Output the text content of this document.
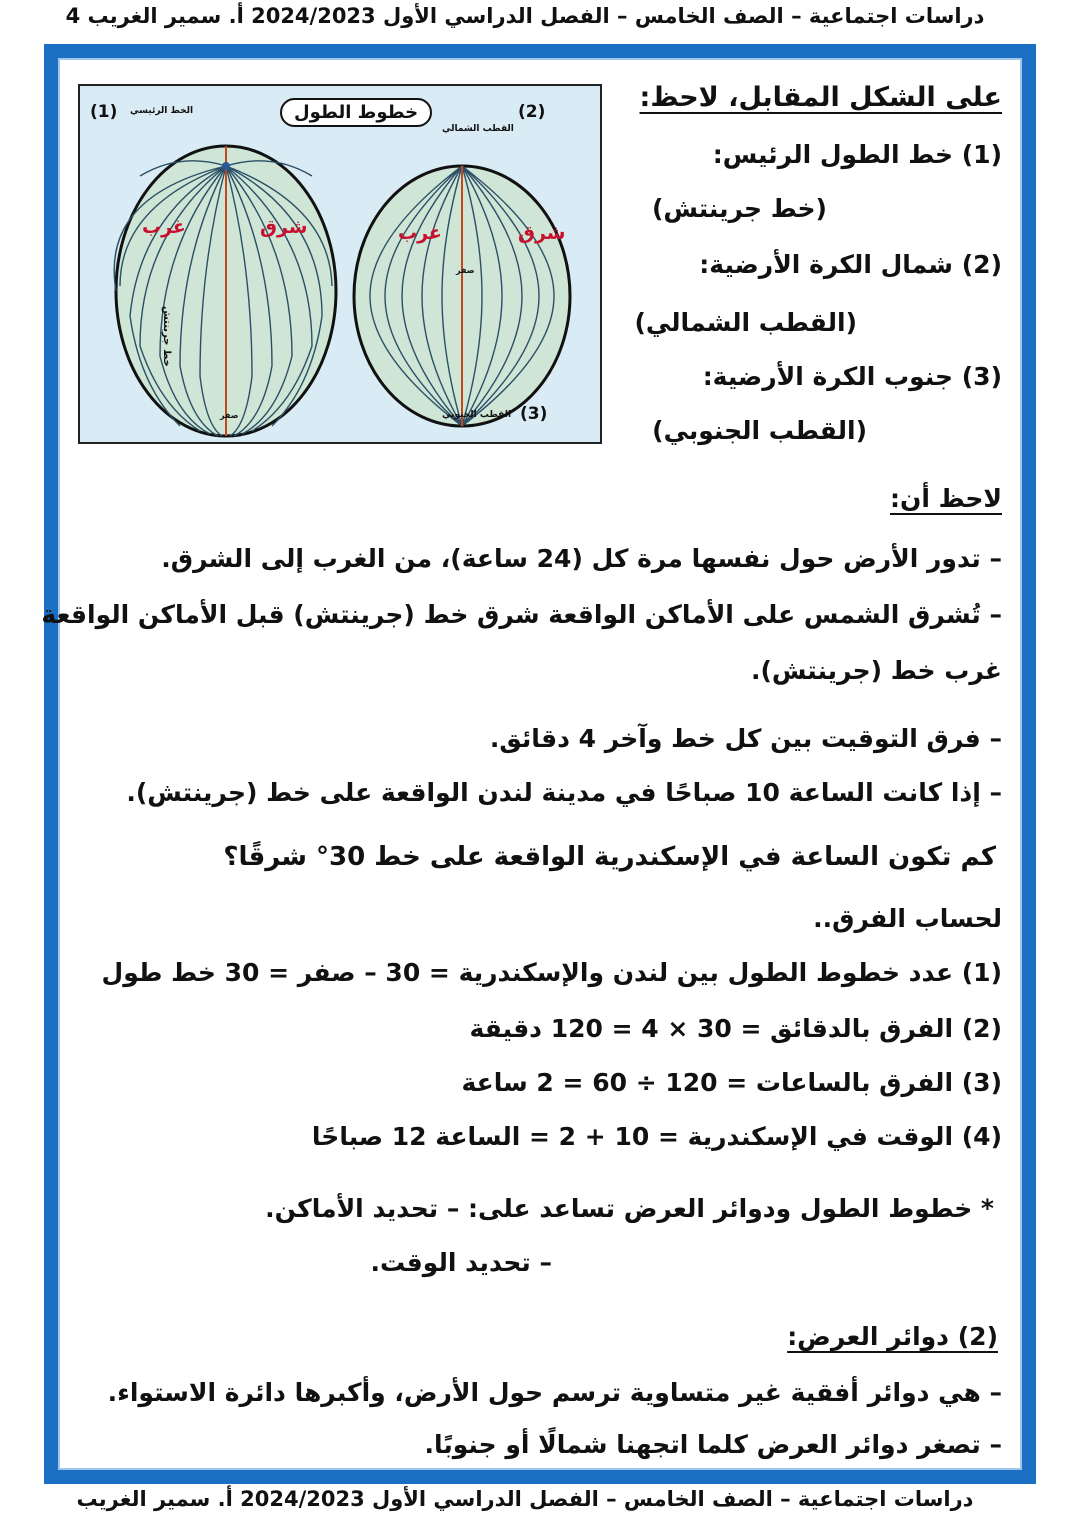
دراسات اجتماعية – الصف الخامس – الفصل الدراسي الأول 2024/2023 أ. سمير الغريب 4
(1) الخط الرئيسي	خطوط الطول	(2)
القطب الشمالي
(3)
القطب الجنوبي
غرب	شرق	غرب	شرق
خط جرينتش
صفر
صفر
على الشكل المقابل، لاحظ:
(1) خط الطول الرئيس:
(خط جرينتش)
(2) شمال الكرة الأرضية:
(القطب الشمالي)
(3) جنوب الكرة الأرضية:
(القطب الجنوبي)
لاحظ أن:
– تدور الأرض حول نفسها مرة كل (24 ساعة)، من الغرب إلى الشرق.
– تُشرق الشمس على الأماكن الواقعة شرق خط (جرينتش) قبل الأماكن الواقعة
غرب خط (جرينتش).
– فرق التوقيت بين كل خط وآخر 4 دقائق.
– إذا كانت الساعة 10 صباحًا في مدينة لندن الواقعة على خط (جرينتش).
كم تكون الساعة في الإسكندرية الواقعة على خط 30° شرقًا؟
لحساب الفرق..
(1) عدد خطوط الطول بين لندن والإسكندرية = 30 – صفر = 30 خط طول
(2) الفرق بالدقائق = 30 × 4 = 120 دقيقة
(3) الفرق بالساعات = 120 ÷ 60 = 2 ساعة
(4) الوقت في الإسكندرية = 10 + 2 = الساعة 12 صباحًا
* خطوط الطول ودوائر العرض تساعد على: – تحديد الأماكن.
– تحديد الوقت.
(2) دوائر العرض:
– هي دوائر أفقية غير متساوية ترسم حول الأرض، وأكبرها دائرة الاستواء.
– تصغر دوائر العرض كلما اتجهنا شمالًا أو جنوبًا.
دراسات اجتماعية – الصف الخامس – الفصل الدراسي الأول 2024/2023 أ. سمير الغريب
